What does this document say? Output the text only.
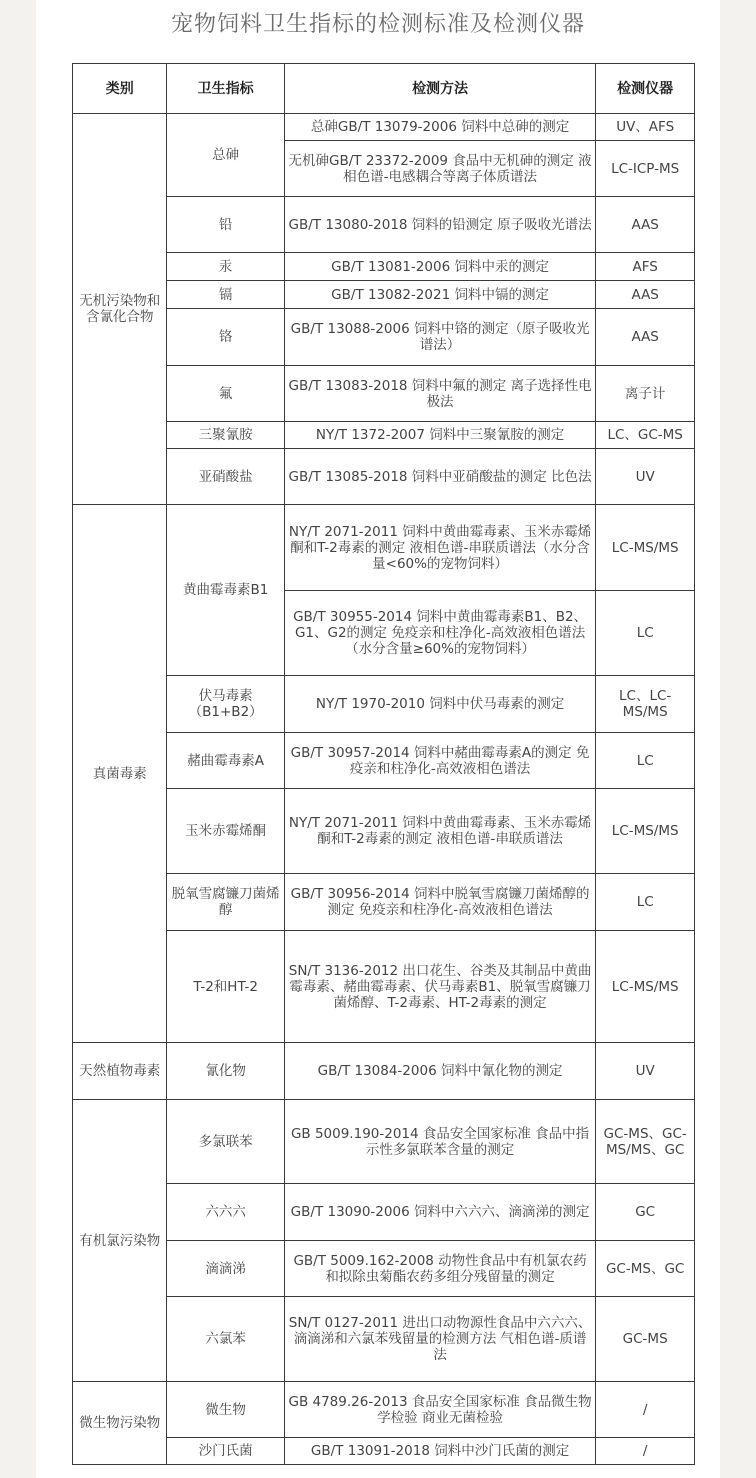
宠物饲料卫生指标的检测标准及检测仪器
类别	卫生指标	检测方法	检测仪器
无机污染物和含氰化合物	总砷	总砷GB/T 13079-2006 饲料中总砷的测定	UV、AFS
		无机砷GB/T 23372-2009 食品中无机砷的测定 液相色谱-电感耦合等离子体质谱法	LC-ICP-MS
	铅	GB/T 13080-2018 饲料的铅测定 原子吸收光谱法	AAS
	汞	GB/T 13081-2006 饲料中汞的测定	AFS
	镉	GB/T 13082-2021 饲料中镉的测定	AAS
	铬	GB/T 13088-2006 饲料中铬的测定（原子吸收光谱法）	AAS
	氟	GB/T 13083-2018 饲料中氟的测定 离子选择性电极法	离子计
	三聚氰胺	NY/T 1372-2007 饲料中三聚氰胺的测定	LC、GC-MS
	亚硝酸盐	GB/T 13085-2018 饲料中亚硝酸盐的测定 比色法	UV
真菌毒素	黄曲霉毒素B1	NY/T 2071-2011 饲料中黄曲霉毒素、玉米赤霉烯酮和T-2毒素的测定 液相色谱-串联质谱法（水分含量<60%的宠物饲料）	LC-MS/MS
		GB/T 30955-2014 饲料中黄曲霉毒素B1、B2、G1、G2的测定 免疫亲和柱净化-高效液相色谱法（水分含量≥60%的宠物饲料）	LC
	伏马毒素（B1+B2）	NY/T 1970-2010 饲料中伏马毒素的测定	LC、LC-MS/MS
	赭曲霉毒素A	GB/T 30957-2014 饲料中赭曲霉毒素A的测定 免疫亲和柱净化-高效液相色谱法	LC
	玉米赤霉烯酮	NY/T 2071-2011 饲料中黄曲霉毒素、玉米赤霉烯酮和T-2毒素的测定 液相色谱-串联质谱法	LC-MS/MS
	脱氧雪腐镰刀菌烯醇	GB/T 30956-2014 饲料中脱氧雪腐镰刀菌烯醇的测定 免疫亲和柱净化-高效液相色谱法	LC
	T-2和HT-2	SN/T 3136-2012 出口花生、谷类及其制品中黄曲霉毒素、赭曲霉毒素、伏马毒素B1、脱氧雪腐镰刀菌烯醇、T-2毒素、HT-2毒素的测定	LC-MS/MS
天然植物毒素	氰化物	GB/T 13084-2006 饲料中氰化物的测定	UV
有机氯污染物	多氯联苯	GB 5009.190-2014 食品安全国家标准 食品中指示性多氯联苯含量的测定	GC-MS、GC-MS/MS、GC
	六六六	GB/T 13090-2006 饲料中六六六、滴滴涕的测定	GC
	滴滴涕	GB/T 5009.162-2008 动物性食品中有机氯农药和拟除虫菊酯农药多组分残留量的测定	GC-MS、GC
	六氯苯	SN/T 0127-2011 进出口动物源性食品中六六六、滴滴涕和六氯苯残留量的检测方法 气相色谱-质谱法	GC-MS
微生物污染物	微生物	GB 4789.26-2013 食品安全国家标准 食品微生物学检验 商业无菌检验	/
	沙门氏菌	GB/T 13091-2018 饲料中沙门氏菌的测定	/
